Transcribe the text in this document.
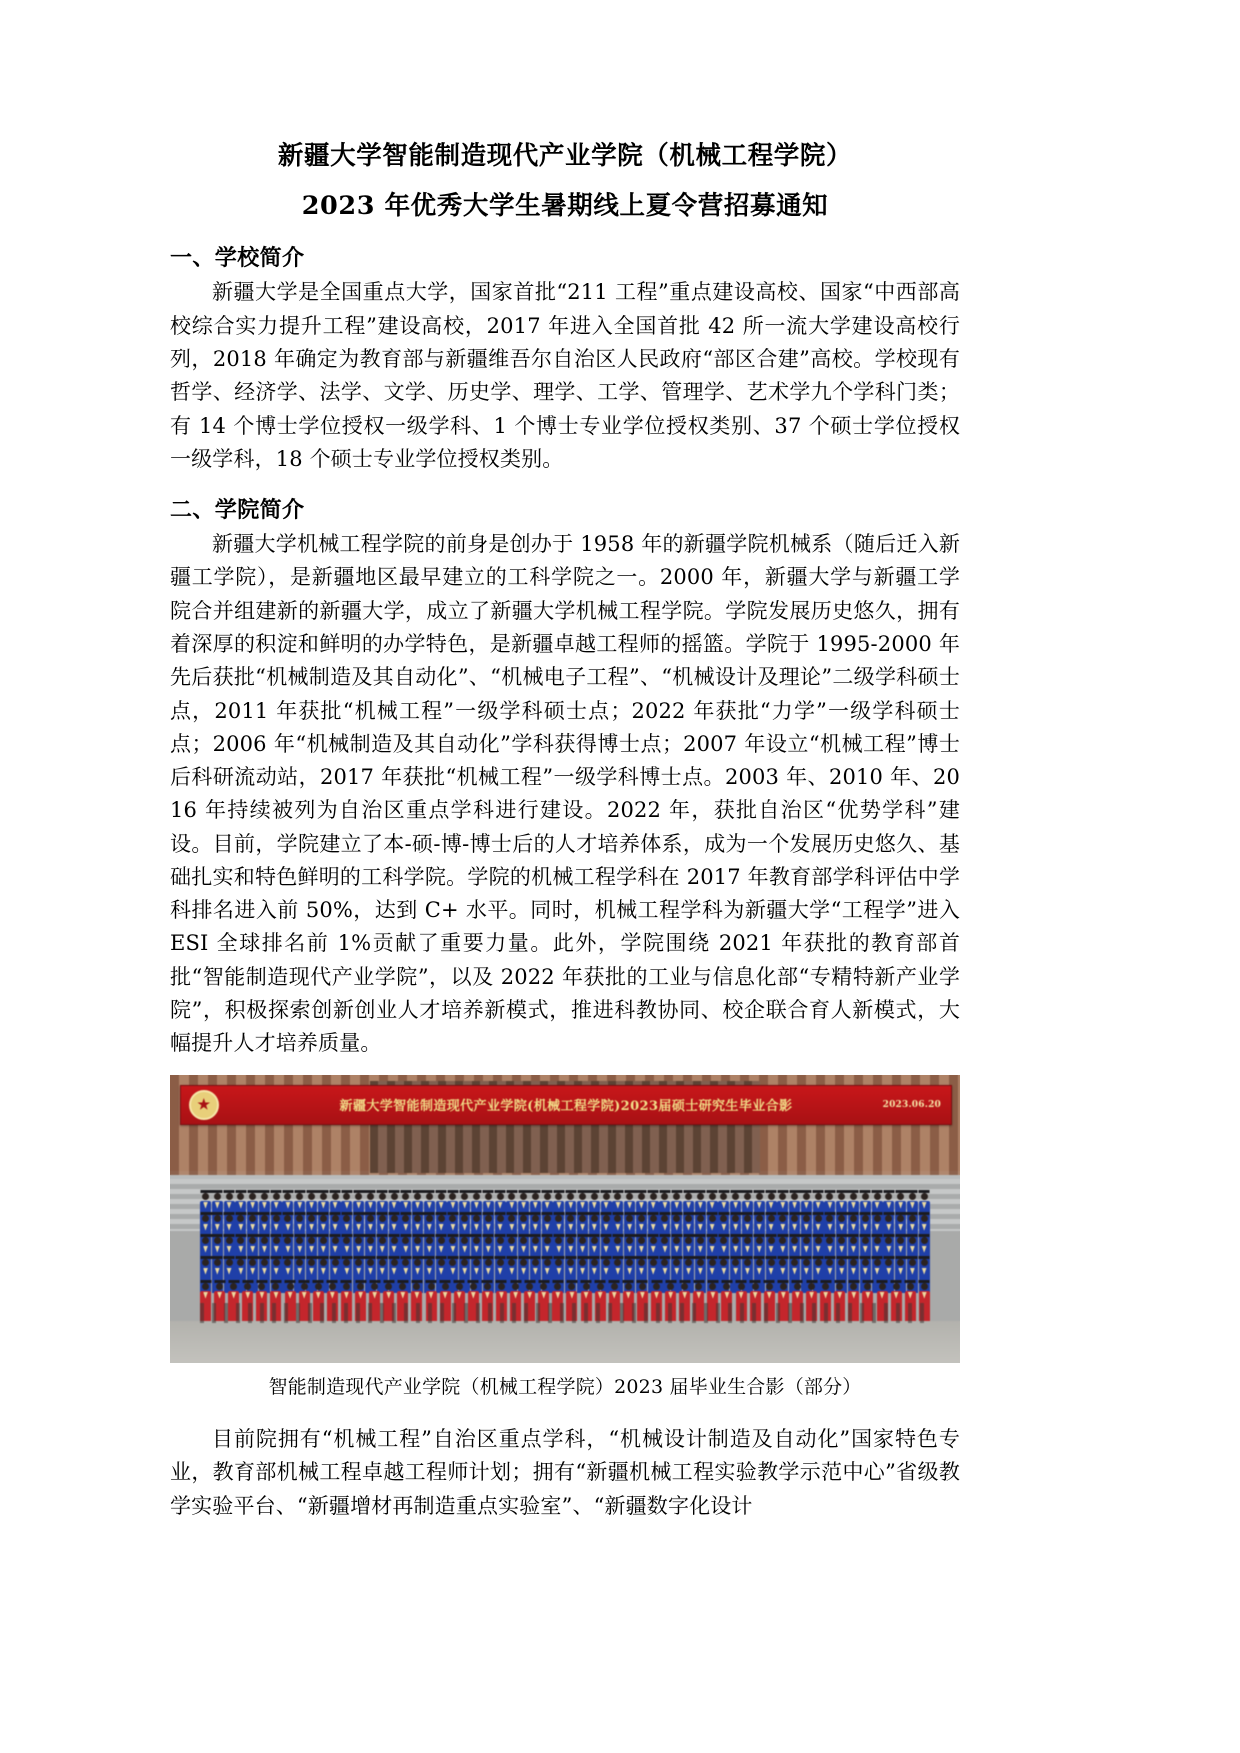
新疆大学智能制造现代产业学院（机械工程学院）
2023 年优秀大学生暑期线上夏令营招募通知
一、学校简介

新疆大学是全国重点大学，国家首批“211 工程”重点建设高校、国家“中西部高校综合实力提升工程”建设高校，2017 年进入全国首批 42 所一流大学建设高校行列，2018 年确定为教育部与新疆维吾尔自治区人民政府“部区合建”高校。学校现有哲学、经济学、法学、文学、历史学、理学、工学、管理学、艺术学九个学科门类；有 14 个博士学位授权一级学科、1 个博士专业学位授权类别、37 个硕士学位授权一级学科，18 个硕士专业学位授权类别。

二、学院简介

新疆大学机械工程学院的前身是创办于 1958 年的新疆学院机械系（随后迁入新疆工学院），是新疆地区最早建立的工科学院之一。2000 年，新疆大学与新疆工学院合并组建新的新疆大学，成立了新疆大学机械工程学院。学院发展历史悠久，拥有着深厚的积淀和鲜明的办学特色，是新疆卓越工程师的摇篮。学院于 1995-2000 年先后获批“机械制造及其自动化”、“机械电子工程”、“机械设计及理论”二级学科硕士点，2011 年获批“机械工程”一级学科硕士点；2022 年获批“力学”一级学科硕士点；2006 年“机械制造及其自动化”学科获得博士点；2007 年设立“机械工程”博士后科研流动站，2017 年获批“机械工程”一级学科博士点。2003 年、2010 年、2016 年持续被列为自治区重点学科进行建设。2022 年，获批自治区“优势学科”建设。目前，学院建立了本-硕-博-博士后的人才培养体系，成为一个发展历史悠久、基础扎实和特色鲜明的工科学院。学院的机械工程学科在 2017 年教育部学科评估中学科排名进入前 50%，达到 C+ 水平。同时，机械工程学科为新疆大学“工程学”进入 ESI 全球排名前 1%贡献了重要力量。此外，学院围绕 2021 年获批的教育部首批“智能制造现代产业学院”，以及 2022 年获批的工业与信息化部“专精特新产业学院”，积极探索创新创业人才培养新模式，推进科教协同、校企联合育人新模式，大幅提升人才培养质量。

★	新疆大学智能制造现代产业学院(机械工程学院)2023届硕士研究生毕业合影	2023.06.20
智能制造现代产业学院（机械工程学院）2023 届毕业生合影（部分）

目前院拥有“机械工程”自治区重点学科，“机械设计制造及自动化”国家特色专业，教育部机械工程卓越工程师计划；拥有“新疆机械工程实验教学示范中心”省级教学实验平台、“新疆增材再制造重点实验室”、“新疆数字化设计
